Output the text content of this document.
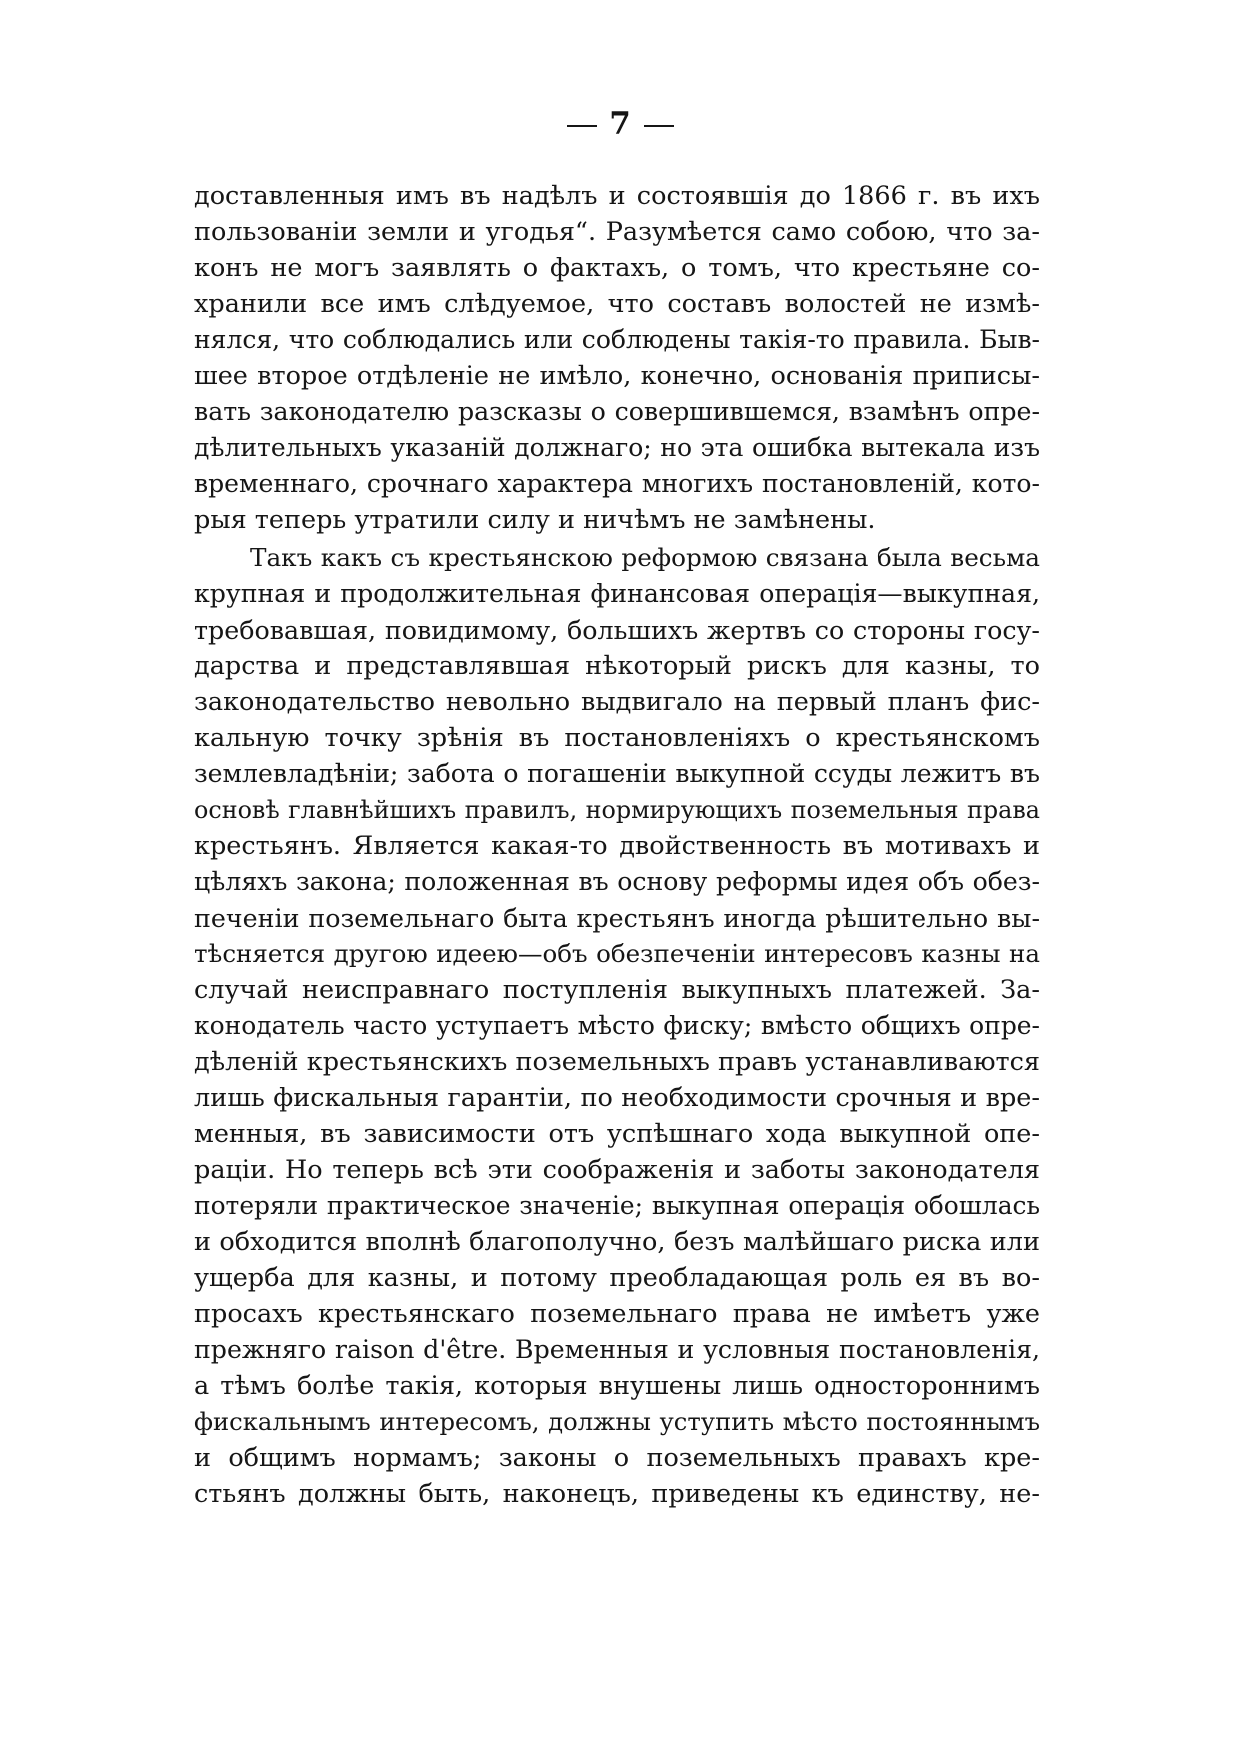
7
доставленныя имъ въ надѣлъ и состоявшія до 1866 г. въ ихъ
пользованіи земли и угодья“. Разумѣется само собою, что за-
конъ не могъ заявлять о фактахъ, о томъ, что крестьяне со-
хранили все имъ слѣдуемое, что составъ волостей не измѣ-
нялся, что соблюдались или соблюдены такія-то правила. Быв-
шее второе отдѣленіе не имѣло, конечно, основанія приписы-
вать законодателю разсказы о совершившемся, взамѣнъ опре-
дѣлительныхъ указаній должнаго; но эта ошибка вытекала изъ
временнаго, срочнаго характера многихъ постановленій, кото-
рыя теперь утратили силу и ничѣмъ не замѣнены.
Такъ какъ съ крестьянскою реформою связана была весьма
крупная и продолжительная финансовая операція—выкупная,
требовавшая, повидимому, большихъ жертвъ со стороны госу-
дарства и представлявшая нѣкоторый рискъ для казны, то
законодательство невольно выдвигало на первый планъ фис-
кальную точку зрѣнія въ постановленіяхъ о крестьянскомъ
землевладѣніи; забота о погашеніи выкупной ссуды лежитъ въ
основѣ главнѣйшихъ правилъ, нормирующихъ поземельныя права
крестьянъ. Является какая-то двойственность въ мотивахъ и
цѣляхъ закона; положенная въ основу реформы идея объ обез-
печеніи поземельнаго быта крестьянъ иногда рѣшительно вы-
тѣсняется другою идеею—объ обезпеченіи интересовъ казны на
случай неисправнаго поступленія выкупныхъ платежей. За-
конодатель часто уступаетъ мѣсто фиску; вмѣсто общихъ опре-
дѣленій крестьянскихъ поземельныхъ правъ устанавливаются
лишь фискальныя гарантіи, по необходимости срочныя и вре-
менныя, въ зависимости отъ успѣшнаго хода выкупной опе-
раціи. Но теперь всѣ эти соображенія и заботы законодателя
потеряли практическое значеніе; выкупная операція обошлась
и обходится вполнѣ благополучно, безъ малѣйшаго риска или
ущерба для казны, и потому преобладающая роль ея въ во-
просахъ крестьянскаго поземельнаго права не имѣетъ уже
прежняго raison d'être. Временныя и условныя постановленія,
а тѣмъ болѣе такія, которыя внушены лишь одностороннимъ
фискальнымъ интересомъ, должны уступить мѣсто постояннымъ
и общимъ нормамъ; законы о поземельныхъ правахъ кре-
стьянъ должны быть, наконецъ, приведены къ единству, не-
